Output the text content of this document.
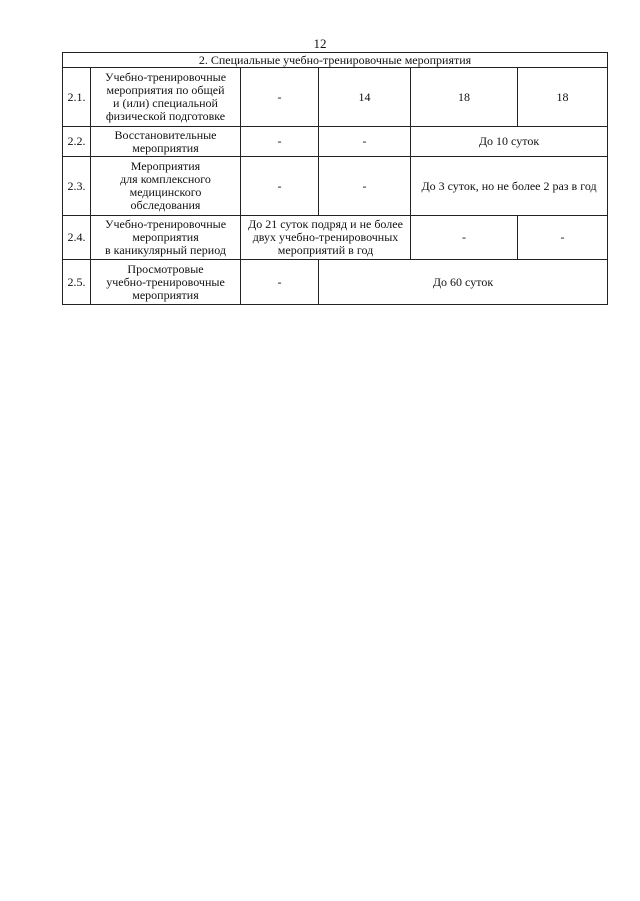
12
2. Специальные учебно-тренировочные мероприятия					
2.1.	Учебно-тренировочные
мероприятия по общей
и (или) специальной
физической подготовке	-	14	18	18
2.2.	Восстановительные
мероприятия	-	-	До 10 суток	
2.3.	Мероприятия
для комплексного
медицинского
обследования	-	-	До 3 суток, но не более 2 раз в год	
2.4.	Учебно-тренировочные
мероприятия
в каникулярный период	До 21 суток подряд и не более
двух учебно-тренировочных
мероприятий в год		-	-
2.5.	Просмотровые
учебно-тренировочные
мероприятия	-	До 60 суток		
